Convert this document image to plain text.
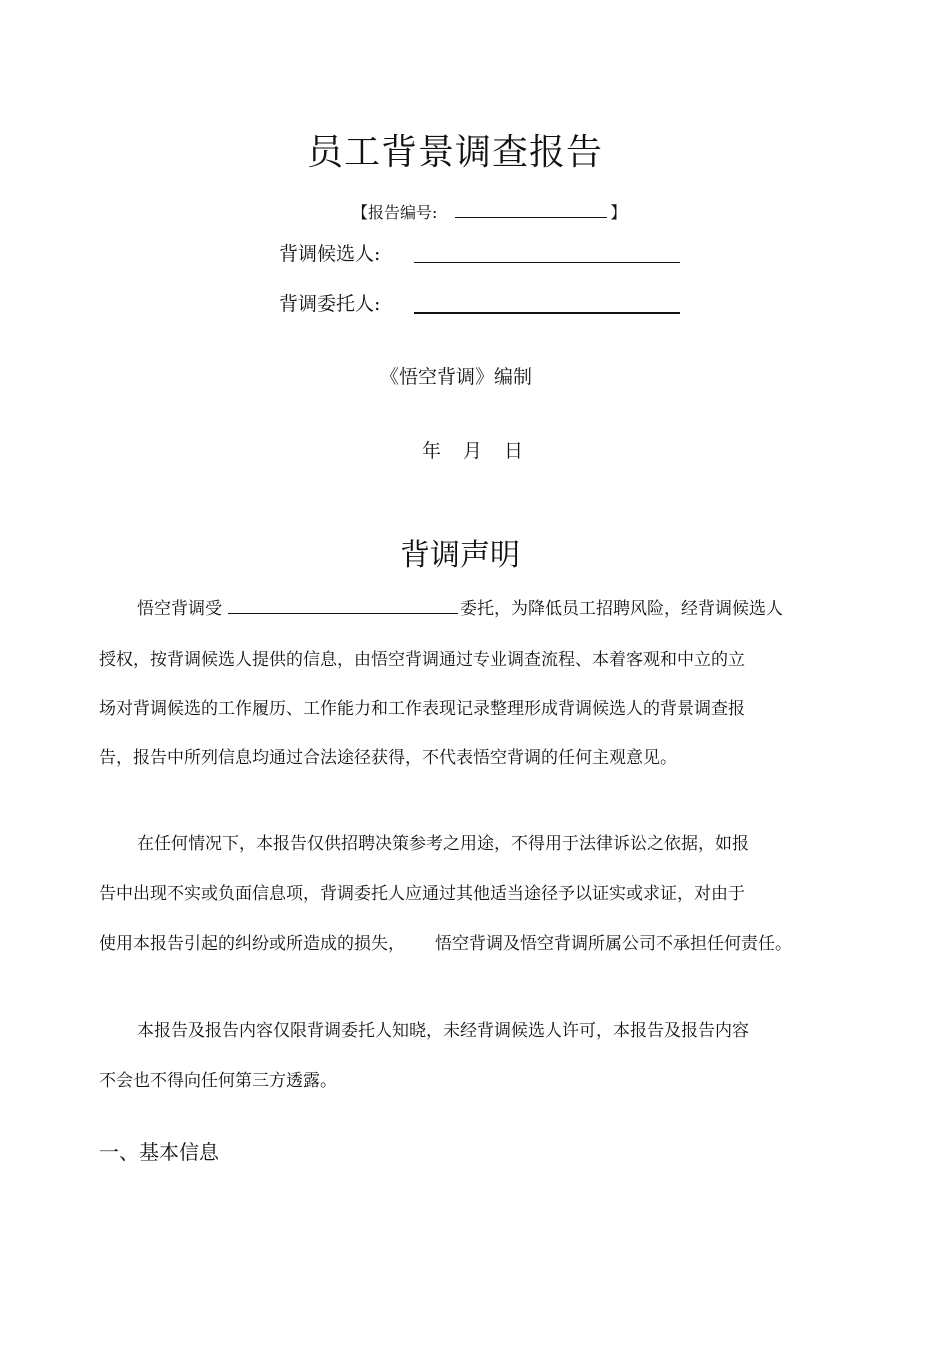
员工背景调查报告
【报告编号:	】
背调候选人:
背调委托人:
《悟空背调》编制
年 月 日
背调声明
悟空背调受	委托，为降低员工招聘风险，经背调候选人
授权，按背调候选人提供的信息，由悟空背调通过专业调查流程、本着客观和中立的立
场对背调候选的工作履历、工作能力和工作表现记录整理形成背调候选人的背景调查报
告，报告中所列信息均通过合法途径获得，不代表悟空背调的任何主观意见。
在任何情况下，本报告仅供招聘决策参考之用途，不得用于法律诉讼之依据，如报
告中出现不实或负面信息项，背调委托人应通过其他适当途径予以证实或求证，对由于
使用本报告引起的纠纷或所造成的损失， 悟空背调及悟空背调所属公司不承担任何责任。
本报告及报告内容仅限背调委托人知晓，未经背调候选人许可，本报告及报告内容
不会也不得向任何第三方透露。
一、基本信息
